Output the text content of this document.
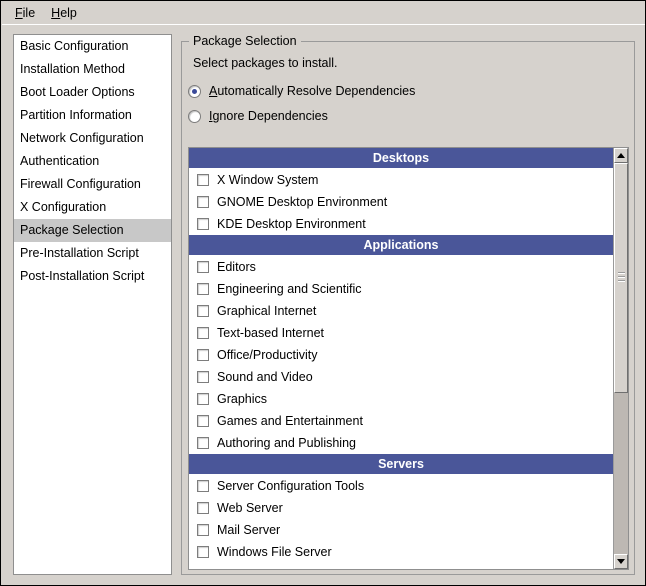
File	Help
Basic Configuration
Installation Method
Boot Loader Options
Partition Information
Network Configuration
Authentication
Firewall Configuration
X Configuration
Package Selection
Pre-Installation Script
Post-Installation Script
Package Selection
Select packages to install.
Automatically Resolve Dependencies
Ignore Dependencies
Desktops
X Window System
GNOME Desktop Environment
KDE Desktop Environment
Applications
Editors
Engineering and Scientific
Graphical Internet
Text-based Internet
Office/Productivity
Sound and Video
Graphics
Games and Entertainment
Authoring and Publishing
Servers
Server Configuration Tools
Web Server
Mail Server
Windows File Server
